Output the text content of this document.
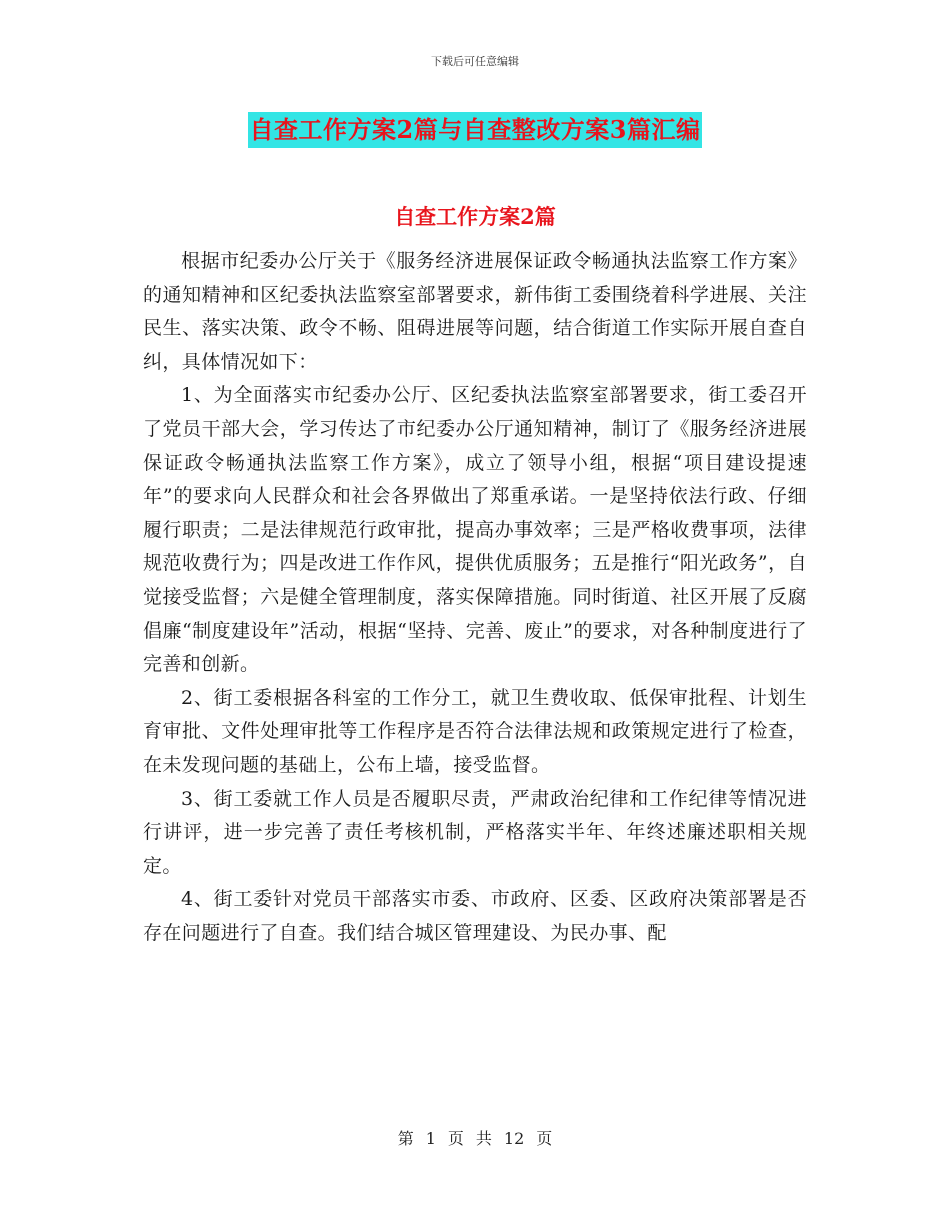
下载后可任意编辑
自查工作方案2篇与自查整改方案3篇汇编
自查工作方案2篇

根据市纪委办公厅关于《服务经济进展保证政令畅通执法监察工作方案》的通知精神和区纪委执法监察室部署要求，新伟街工委围绕着科学进展、关注民生、落实决策、政令不畅、阻碍进展等问题，结合街道工作实际开展自查自纠，具体情况如下：

1、为全面落实市纪委办公厅、区纪委执法监察室部署要求，街工委召开了党员干部大会，学习传达了市纪委办公厅通知精神，制订了《服务经济进展保证政令畅通执法监察工作方案》，成立了领导小组，根据“项目建设提速年”的要求向人民群众和社会各界做出了郑重承诺。一是坚持依法行政、仔细履行职责；二是法律规范行政审批，提高办事效率；三是严格收费事项，法律规范收费行为；四是改进工作作风，提供优质服务；五是推行“阳光政务”，自觉接受监督；六是健全管理制度，落实保障措施。同时街道、社区开展了反腐倡廉“制度建设年”活动，根据“坚持、完善、废止”的要求，对各种制度进行了完善和创新。

2、街工委根据各科室的工作分工，就卫生费收取、低保审批程、计划生育审批、文件处理审批等工作程序是否符合法律法规和政策规定进行了检查，在未发现问题的基础上，公布上墙，接受监督。

3、街工委就工作人员是否履职尽责，严肃政治纪律和工作纪律等情况进行讲评，进一步完善了责任考核机制，严格落实半年、年终述廉述职相关规定。

4、街工委针对党员干部落实市委、市政府、区委、区政府决策部署是否存在问题进行了自查。我们结合城区管理建设、为民办事、配

第 1 页 共 12 页
